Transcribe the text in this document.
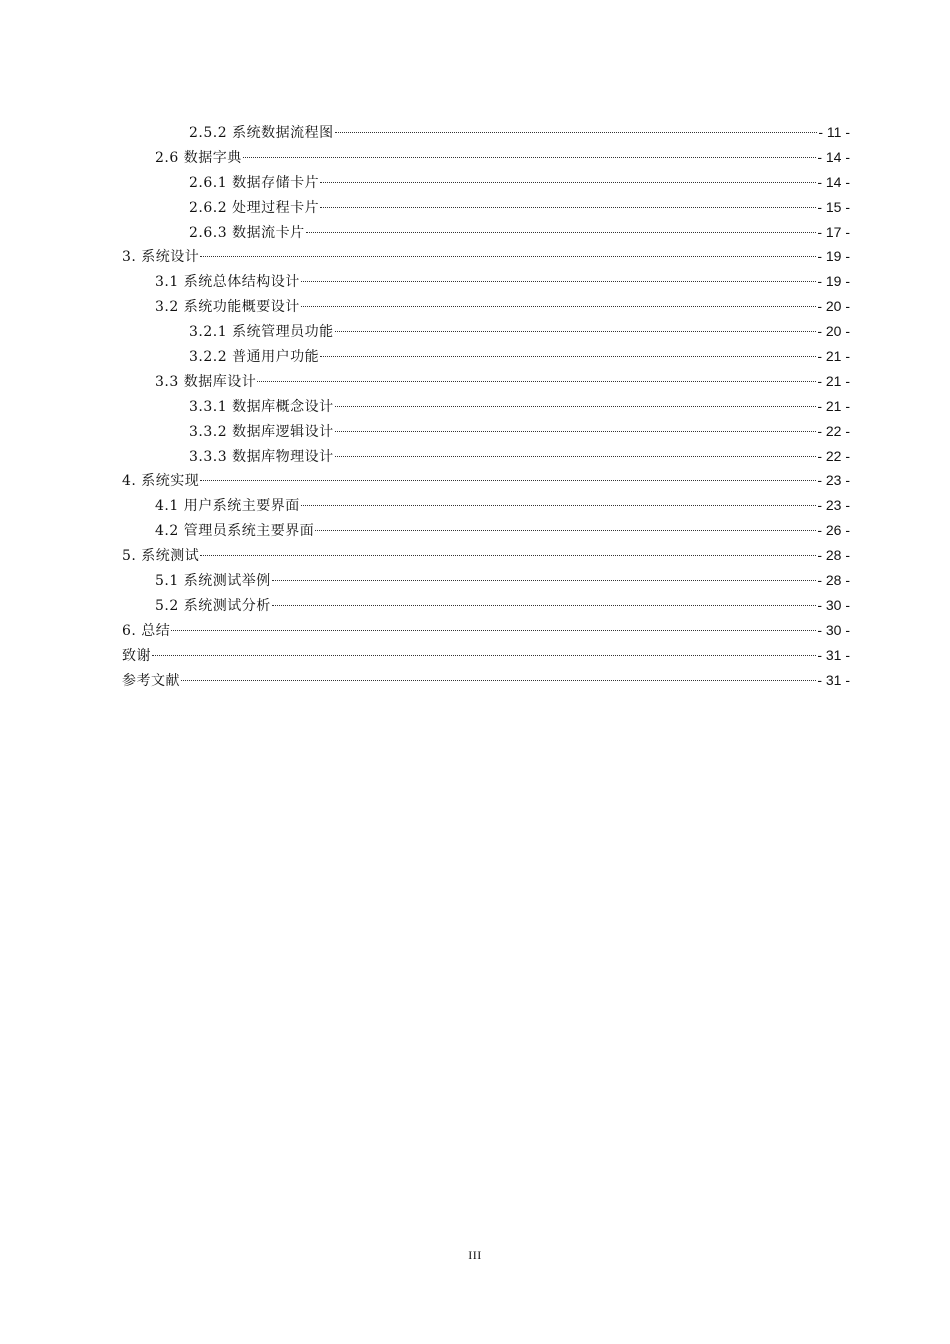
2.5.2 系统数据流程图	- 11 -
2.6 数据字典	- 14 -
2.6.1 数据存储卡片	- 14 -
2.6.2 处理过程卡片	- 15 -
2.6.3 数据流卡片	- 17 -
3. 系统设计	- 19 -
3.1 系统总体结构设计	- 19 -
3.2 系统功能概要设计	- 20 -
3.2.1 系统管理员功能	- 20 -
3.2.2 普通用户功能	- 21 -
3.3 数据库设计	- 21 -
3.3.1 数据库概念设计	- 21 -
3.3.2 数据库逻辑设计	- 22 -
3.3.3 数据库物理设计	- 22 -
4. 系统实现	- 23 -
4.1 用户系统主要界面	- 23 -
4.2 管理员系统主要界面	- 26 -
5. 系统测试	- 28 -
5.1 系统测试举例	- 28 -
5.2 系统测试分析	- 30 -
6. 总结	- 30 -
致谢	- 31 -
参考文献	- 31 -
III
